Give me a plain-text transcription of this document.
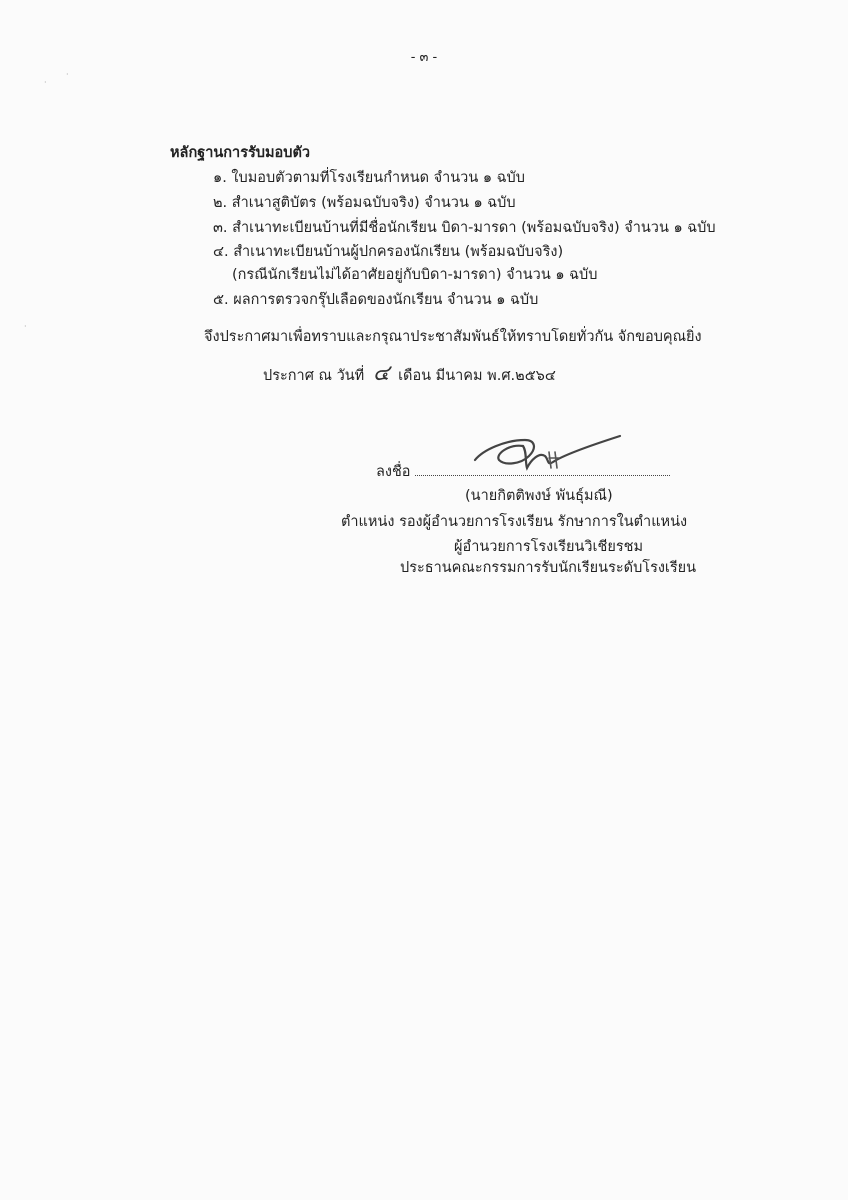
- ๓ -
หลักฐานการรับมอบตัว
๑. ใบมอบตัวตามที่โรงเรียนกำหนด จำนวน ๑ ฉบับ
๒. สำเนาสูติบัตร (พร้อมฉบับจริง) จำนวน ๑ ฉบับ
๓. สำเนาทะเบียนบ้านที่มีชื่อนักเรียน บิดา-มารดา (พร้อมฉบับจริง) จำนวน ๑ ฉบับ
๔. สำเนาทะเบียนบ้านผู้ปกครองนักเรียน (พร้อมฉบับจริง)
(กรณีนักเรียนไม่ได้อาศัยอยู่กับบิดา-มารดา) จำนวน ๑ ฉบับ
๕. ผลการตรวจกรุ๊ปเลือดของนักเรียน จำนวน ๑ ฉบับ
จึงประกาศมาเพื่อทราบและกรุณาประชาสัมพันธ์ให้ทราบโดยทั่วกัน จักขอบคุณยิ่ง
ประกาศ ณ วันที่ ๔ เดือน มีนาคม พ.ศ.๒๕๖๔
ลงชื่อ
(นายกิตติพงษ์ พันธุ์มณี)
ตำแหน่ง รองผู้อำนวยการโรงเรียน รักษาการในตำแหน่ง
ผู้อำนวยการโรงเรียนวิเชียรชม
ประธานคณะกรรมการรับนักเรียนระดับโรงเรียน
·
·
·
